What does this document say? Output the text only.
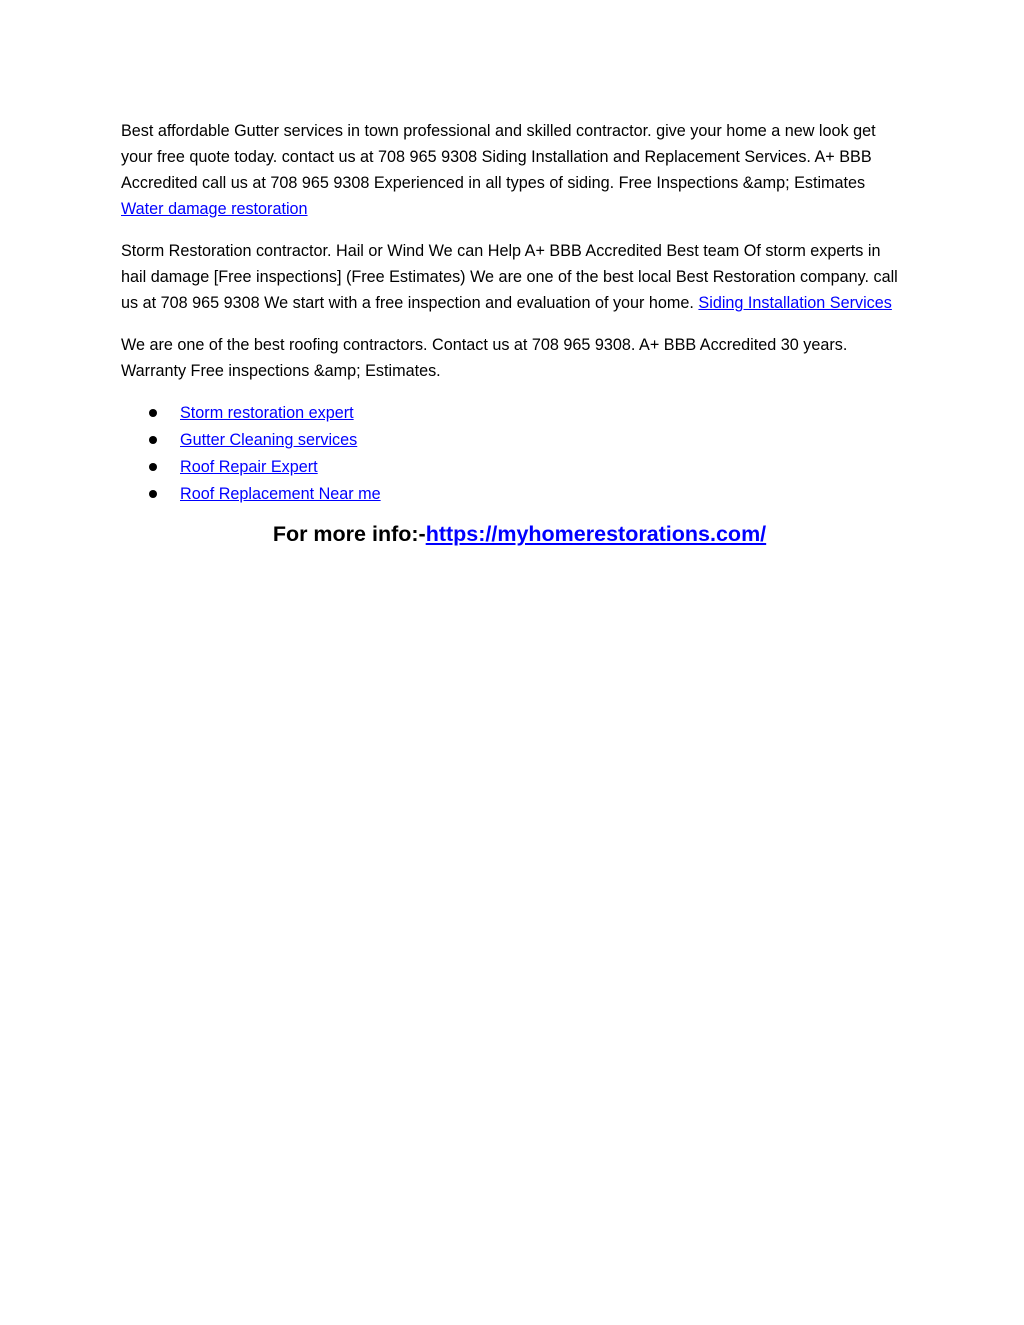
Best affordable Gutter services in town professional and skilled contractor. give your home a new look get your free quote today. contact us at 708 965 9308 Siding Installation and Replacement Services. A+ BBB Accredited call us at 708 965 9308 Experienced in all types of siding. Free Inspections &amp; Estimates   Water damage restoration

Storm Restoration contractor. Hail or Wind We can Help A+ BBB Accredited Best team Of storm experts in hail damage [Free inspections] (Free Estimates) We are one of the best local Best Restoration company. call us at 708 965 9308 We start with a free inspection and evaluation of your home. Siding Installation Services

We are one of the best roofing contractors. Contact us at 708 965 9308. A+ BBB Accredited 30 years. Warranty Free inspections &amp; Estimates.

Storm restoration expert
Gutter Cleaning services
Roof Repair Expert
Roof Replacement Near me
For more info:-https://myhomerestorations.com/
